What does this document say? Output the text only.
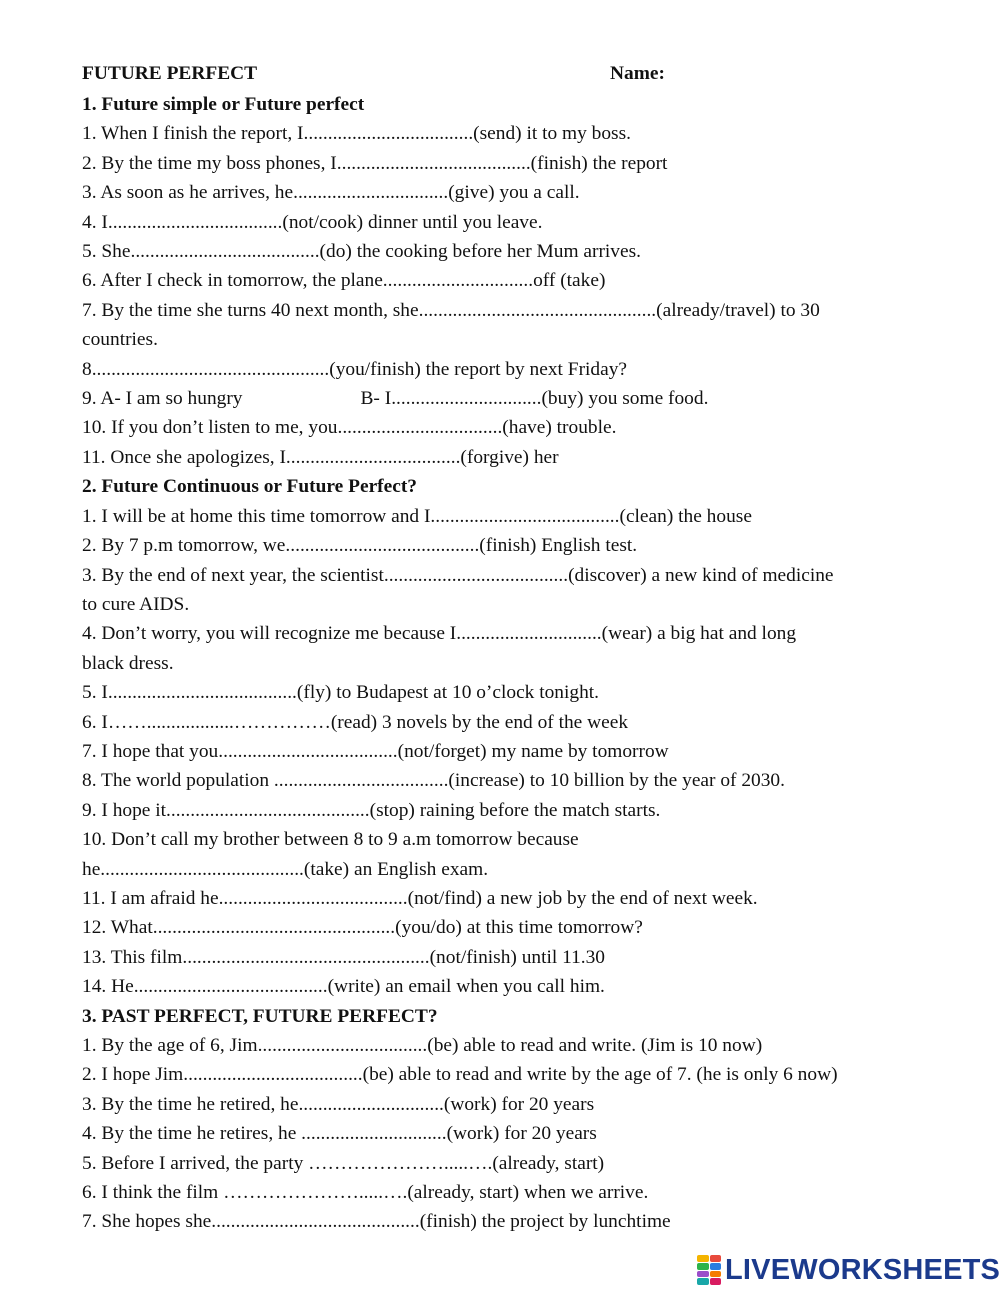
FUTURE PERFECT	Name:
1. Future simple or Future perfect
1. When I finish the report, I...................................(send) it to my boss.
2. By the time my boss phones, I........................................(finish) the report
3. As soon as he arrives, he................................(give) you a call.
4. I....................................(not/cook) dinner until you leave.
5. She.......................................(do) the cooking before her Mum arrives.
6. After I check in tomorrow, the plane...............................off (take)
7. By the time she turns 40 next month, she.................................................(already/travel) to 30
countries.
8.................................................(you/finish) the report by next Friday?
9. A- I am so hungry	B- I...............................(buy) you some food.
10. If you don’t listen to me, you..................................(have) trouble.
11. Once she apologizes, I....................................(forgive) her
2. Future Continuous or Future Perfect?
1. I will be at home this time tomorrow and I.......................................(clean) the house
2. By 7 p.m tomorrow, we........................................(finish) English test.
3. By the end of next year, the scientist......................................(discover) a new kind of medicine
to cure AIDS.
4. Don’t worry, you will recognize me because I..............................(wear) a big hat and long
black dress.
5. I.......................................(fly) to Budapest at 10 o’clock tonight.
6. I……..................……………(read) 3 novels by the end of the week
7. I hope that you.....................................(not/forget) my name by tomorrow
8. The world population ....................................(increase) to 10 billion by the year of 2030.
9. I hope it..........................................(stop) raining before the match starts.
10. Don’t call my brother between 8 to 9 a.m tomorrow because
he..........................................(take) an English exam.
11. I am afraid he.......................................(not/find) a new job by the end of next week.
12. What..................................................(you/do) at this time tomorrow?
13. This film...................................................(not/finish) until 11.30
14. He........................................(write) an email when you call him.
3. PAST PERFECT, FUTURE PERFECT?
1. By the age of 6, Jim...................................(be) able to read and write. (Jim is 10 now)
2. I hope Jim.....................................(be) able to read and write by the age of 7. (he is only 6 now)
3. By the time he retired, he..............................(work) for 20 years
4. By the time he retires, he ..............................(work) for 20 years
5. Before I arrived, the party ………………….....….(already, start)
6. I think the film ………………….....….(already, start) when we arrive.
7. She hopes she...........................................(finish) the project by lunchtime
LIVEWORKSHEETS
